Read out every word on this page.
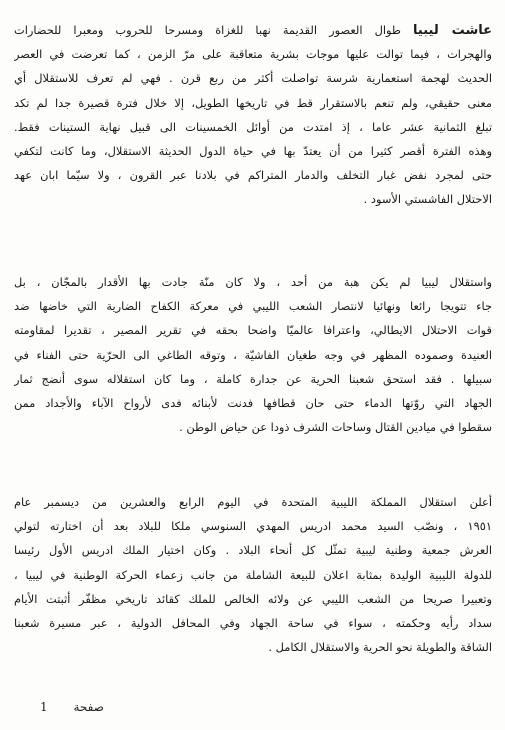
عاشت ليبيا طوال العصور القديمة نهبا للغزاة ومسرحا للحروب ومعبرا للحضارات
والهجرات ، فيما توالت عليها موجات بشرية متعاقبة على مرّ الزمن ، كما تعرضت في العصر
الحديث لهجمة استعمارية شرسة تواصلت أكثر من ربع قرن . فهي لم تعرف للاستقلال أي
معنى حقيقي، ولم تنعم بالاستقرار قط في تاريخها الطويل، إلا خلال فترة قصيرة جدا لم تكد
تبلغ الثمانية عشر عاما ، إذ امتدت من أوائل الخمسينات الى قبيل نهاية الستينات فقط.
وهذه الفترة أقصر كثيرا من أن يعتدّ بها في حياة الدول الحديثة الاستقلال، وما كانت لتكفي
حتى لمجرد نفض غبار التخلف والدمار المتراكم في بلادنا عبر القرون ، ولا سيّما ابان عهد
الاحتلال الفاشستي الأسود .
واستقلال ليبيا لم يكن هبة من أحد ، ولا كان منّة جادت بها الأقدار بالمجّان ، بل
جاء تتويجا رائعا ونهائيا لانتصار الشعب الليبي في معركة الكفاح الضارية التي خاضها ضد
قوات الاحتلال الايطالي، واعترافا عالميّا واضحا بحقه في تقرير المصير ، تقديرا لمقاومته
العنيدة وصموده المظهر في وجه طغيان الفاشيّة ، وتوقه الطاغي الى الحرّية حتى الفناء في
سبيلها . فقد استحق شعبنا الحرية عن جدارة كاملة ، وما كان استقلاله سوى أنضج ثمار
الجهاد التي روّتها الدماء حتى حان قطافها فدنت لأبنائه فدى لأرواح الآباء والأجداد ممن
سقطوا في ميادين القتال وساحات الشرف ذودا عن حياض الوطن .
أعلن استقلال المملكة الليبية المتحدة في اليوم الرابع والعشرين من ديسمبر عام
١٩٥١ ، ونصّب السيد محمد ادريس المهدي السنوسي ملكا للبلاد بعد أن اختارته لتولي
العرش جمعية وطنية ليبية تمثّل كل أنحاء البلاد . وكان اختيار الملك ادريس الأول رئيسا
للدولة الليبية الوليدة بمثابة اعلان للبيعة الشاملة من جانب زعماء الحركة الوطنية في ليبيا ،
وتعبيرا صريحا من الشعب الليبي عن ولائه الخالص للملك كقائد تاريخي مظفّر أثبتت الأيام
سداد رأيه وحكمته ، سواء في ساحة الجهاد وفي المحافل الدولية ، عبر مسيرة شعبنا
الشاقة والطويلة نحو الحرية والاستقلال الكامل .
صفحة 1
